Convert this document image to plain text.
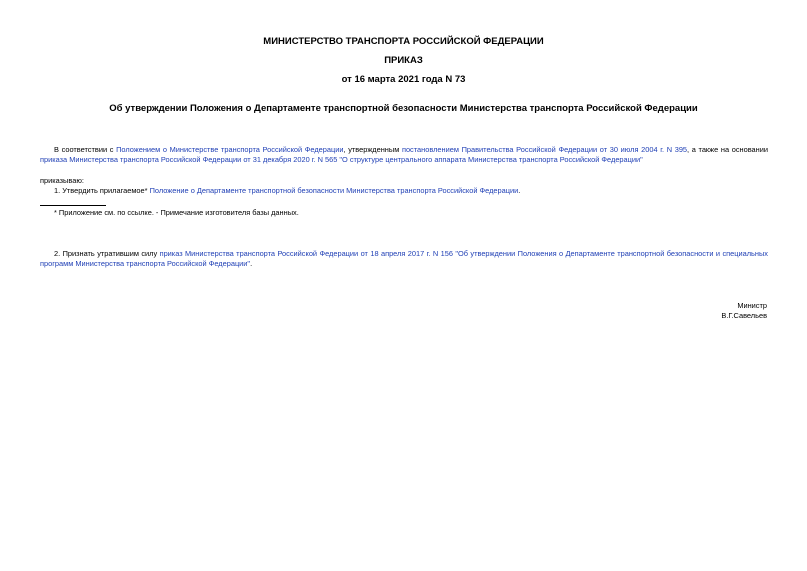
МИНИСТЕРСТВО ТРАНСПОРТА РОССИЙСКОЙ ФЕДЕРАЦИИ
ПРИКАЗ
от 16 марта 2021 года N 73
Об утверждении Положения о Департаменте транспортной безопасности Министерства транспорта Российской Федерации
В соответствии с Положением о Министерстве транспорта Российской Федерации, утвержденным постановлением Правительства Российской Федерации от 30 июля 2004 г. N 395, а также на основании приказа Министерства транспорта Российской Федерации от 31 декабря 2020 г. N 565 "О структуре центрального аппарата Министерства транспорта Российской Федерации"
приказываю:
1. Утвердить прилагаемое* Положение о Департаменте транспортной безопасности Министерства транспорта Российской Федерации.
* Приложение см. по ссылке. - Примечание изготовителя базы данных.
2. Признать утратившим силу приказ Министерства транспорта Российской Федерации от 18 апреля 2017 г. N 156 "Об утверждении Положения о Департаменте транспортной безопасности и специальных программ Министерства транспорта Российской Федерации".
Министр
В.Г.Савельев
